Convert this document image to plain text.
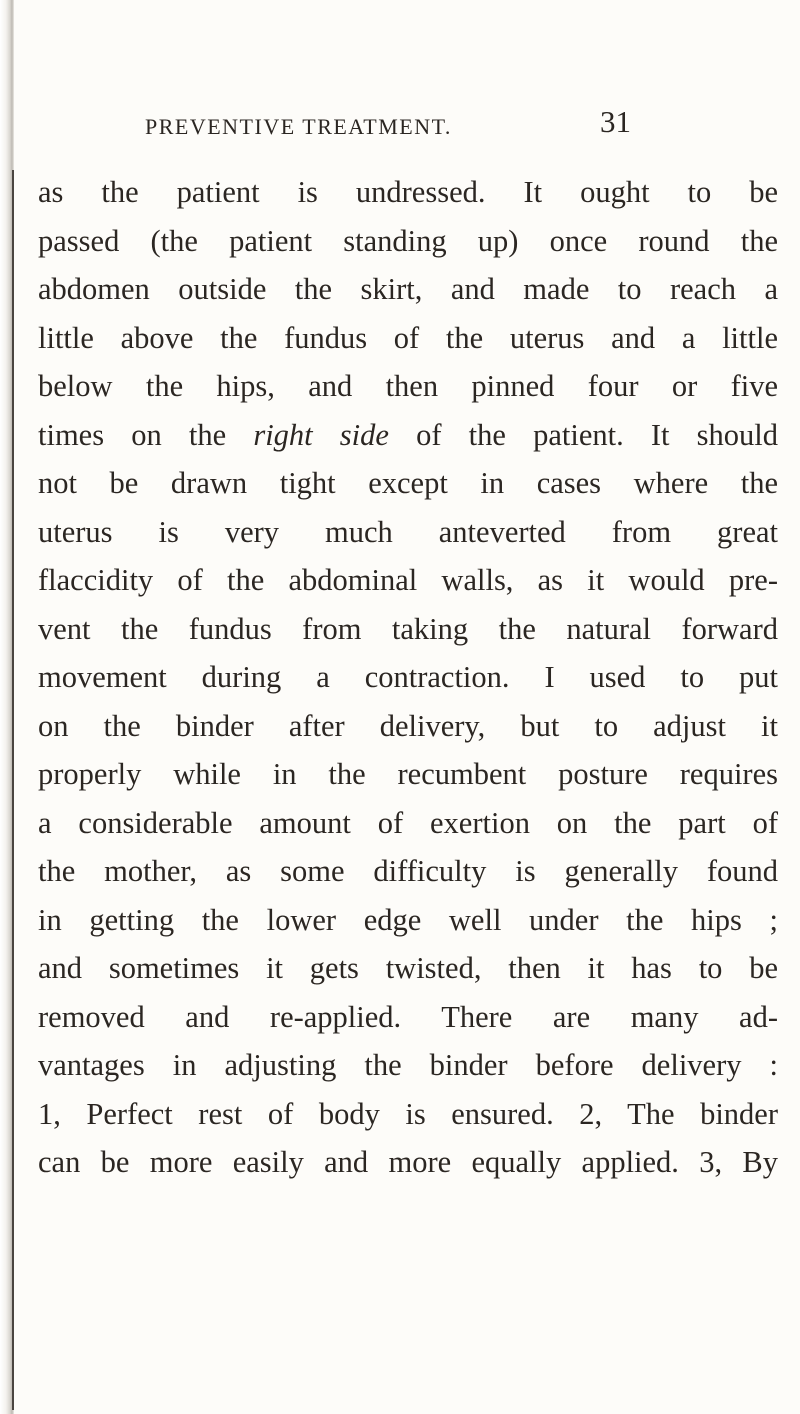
PREVENTIVE TREATMENT.	31
as the patient is undressed. It ought to be
passed (the patient standing up) once round the
abdomen outside the skirt, and made to reach a
little above the fundus of the uterus and a little
below the hips, and then pinned four or five
times on the right side of the patient. It should
not be drawn tight except in cases where the
uterus is very much anteverted from great
flaccidity of the abdominal walls, as it would pre-
vent the fundus from taking the natural forward
movement during a contraction. I used to put
on the binder after delivery, but to adjust it
properly while in the recumbent posture requires
a considerable amount of exertion on the part of
the mother, as some difficulty is generally found
in getting the lower edge well under the hips ;
and sometimes it gets twisted, then it has to be
removed and re-applied. There are many ad-
vantages in adjusting the binder before delivery :
1, Perfect rest of body is ensured. 2, The binder
can be more easily and more equally applied. 3, By
